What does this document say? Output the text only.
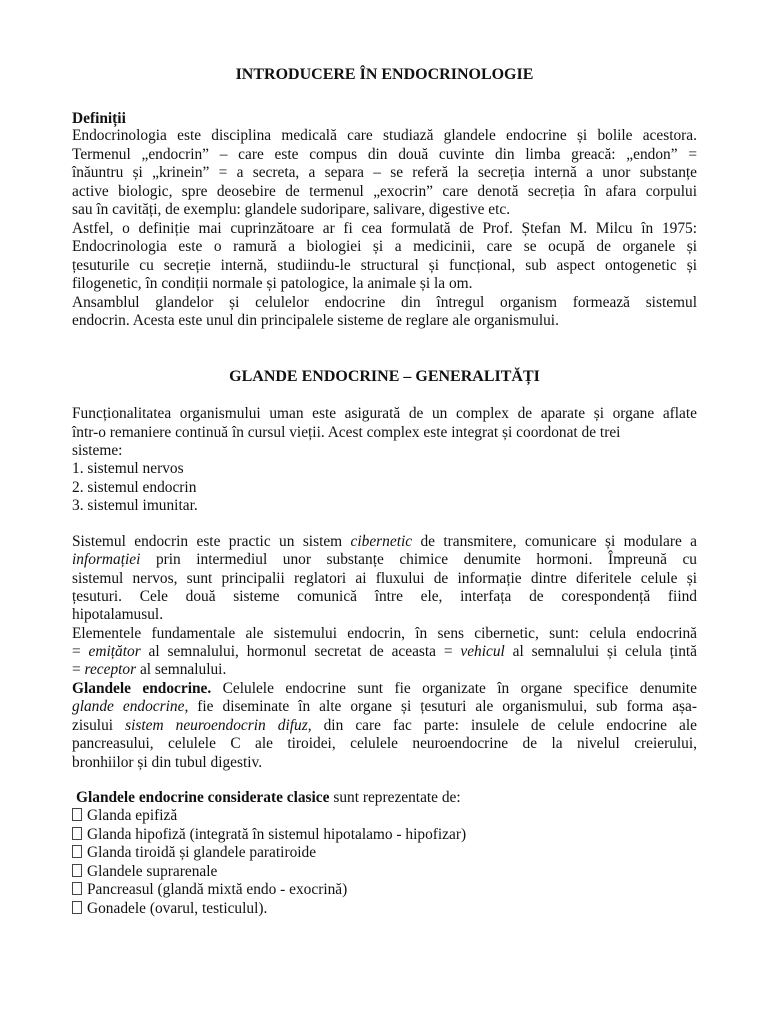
INTRODUCERE ÎN ENDOCRINOLOGIE
Definiții

Endocrinologia este disciplina medicală care studiază glandele endocrine și bolile acestora.

Termenul „endocrin” – care este compus din două cuvinte din limba greacă: „endon” =

înăuntru și „krinein” = a secreta, a separa – se referă la secreția internă a unor substanțe

active biologic, spre deosebire de termenul „exocrin” care denotă secreția în afara corpului

sau în cavități, de exemplu: glandele sudoripare, salivare, digestive etc.

Astfel, o definiție mai cuprinzătoare ar fi cea formulată de Prof. Ștefan M. Milcu în 1975:

Endocrinologia este o ramură a biologiei și a medicinii, care se ocupă de organele și

țesuturile cu secreție internă, studiindu-le structural și funcțional, sub aspect ontogenetic și

filogenetic, în condiții normale și patologice, la animale și la om.

Ansamblul glandelor și celulelor endocrine din întregul organism formează sistemul

endocrin. Acesta este unul din principalele sisteme de reglare ale organismului.

GLANDE ENDOCRINE – GENERALITĂȚI

Funcționalitatea organismului uman este asigurată de un complex de aparate și organe aflate

într-o remaniere continuă în cursul vieții. Acest complex este integrat și coordonat de trei

sisteme:

1. sistemul nervos

2. sistemul endocrin

3. sistemul imunitar.

Sistemul endocrin este practic un sistem cibernetic de transmitere, comunicare și modulare a

informației prin intermediul unor substanțe chimice denumite hormoni. Împreună cu

sistemul nervos, sunt principalii reglatori ai fluxului de informație dintre diferitele celule și

țesuturi. Cele două sisteme comunică între ele, interfața de corespondență fiind

hipotalamusul.

Elementele fundamentale ale sistemului endocrin, în sens cibernetic, sunt: celula endocrină

= emițător al semnalului, hormonul secretat de aceasta = vehicul al semnalului și celula țintă

= receptor al semnalului.

Glandele endocrine. Celulele endocrine sunt fie organizate în organe specifice denumite

glande endocrine, fie diseminate în alte organe și țesuturi ale organismului, sub forma așa-

zisului sistem neuroendocrin difuz, din care fac parte: insulele de celule endocrine ale

pancreasului, celulele C ale tiroidei, celulele neuroendocrine de la nivelul creierului,

bronhiilor și din tubul digestiv.

Glandele endocrine considerate clasice sunt reprezentate de:

Glanda epifiză

Glanda hipofiză (integrată în sistemul hipotalamo - hipofizar)

Glanda tiroidă și glandele paratiroide

Glandele suprarenale

Pancreasul (glandă mixtă endo - exocrină)

Gonadele (ovarul, testiculul).
